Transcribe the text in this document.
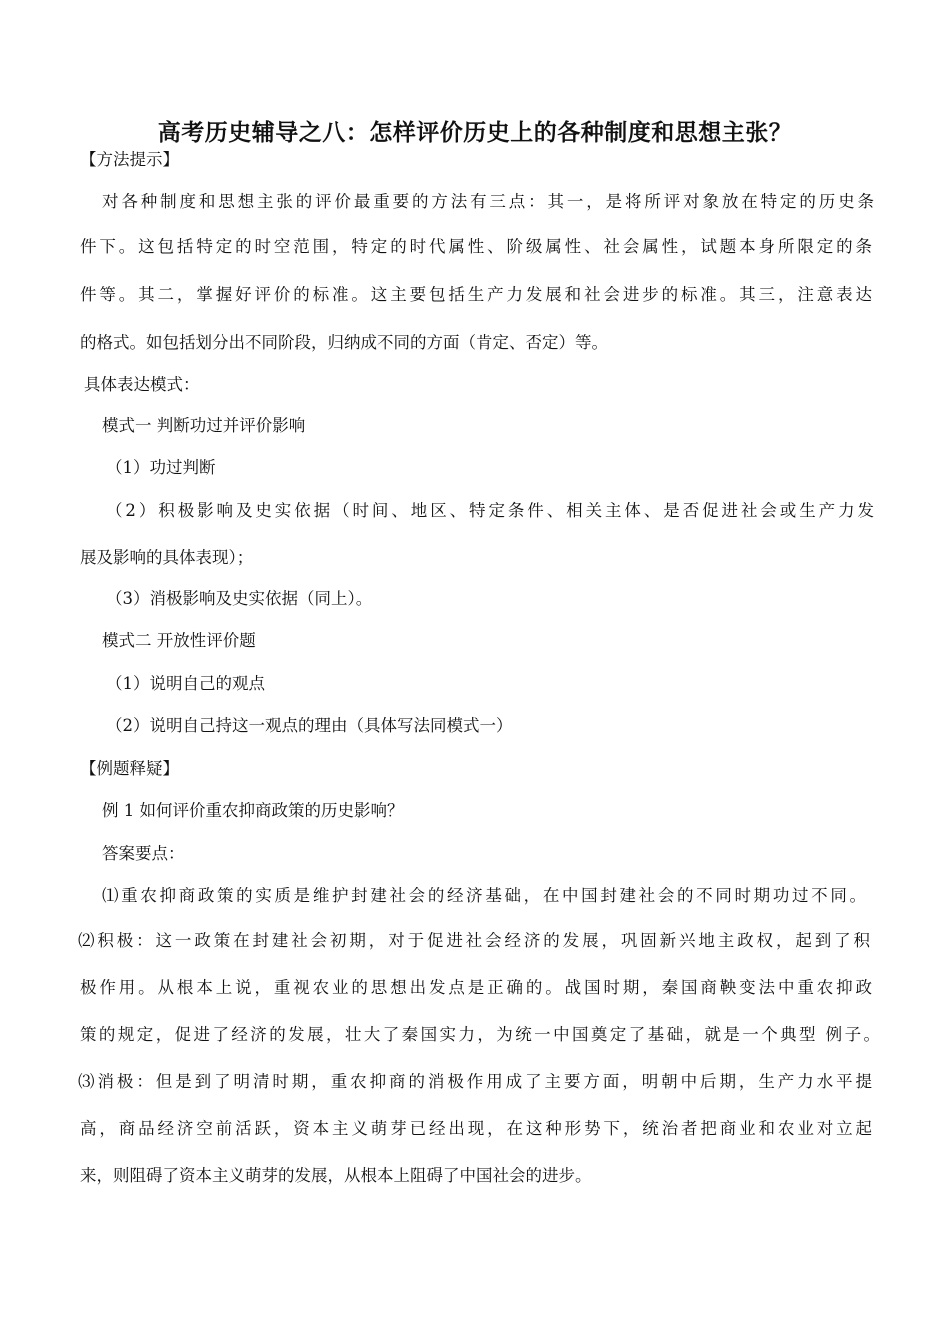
高考历史辅导之八：怎样评价历史上的各种制度和思想主张？
【方法提示】
对各种制度和思想主张的评价最重要的方法有三点：其一，是将所评对象放在特定的历史条
件下。这包括特定的时空范围，特定的时代属性、阶级属性、社会属性，试题本身所限定的条
件等。其二，掌握好评价的标准。这主要包括生产力发展和社会进步的标准。其三，注意表达
的格式。如包括划分出不同阶段，归纳成不同的方面（肯定、否定）等。
具体表达模式：
模式一 判断功过并评价影响
（1）功过判断
（2）积极影响及史实依据（时间、地区、特定条件、相关主体、是否促进社会或生产力发
展及影响的具体表现）；
（3）消极影响及史实依据（同上）。
模式二 开放性评价题
（1）说明自己的观点
（2）说明自己持这一观点的理由（具体写法同模式一）
【例题释疑】
例 1 如何评价重农抑商政策的历史影响？
答案要点：
⑴重农抑商政策的实质是维护封建社会的经济基础，在中国封建社会的不同时期功过不同。
⑵积极：这一政策在封建社会初期，对于促进社会经济的发展，巩固新兴地主政权，起到了积
极作用。从根本上说，重视农业的思想出发点是正确的。战国时期，秦国商鞅变法中重农抑政
策的规定，促进了经济的发展，壮大了秦国实力，为统一中国奠定了基础，就是一个典型 例子。
⑶消极：但是到了明清时期，重农抑商的消极作用成了主要方面，明朝中后期，生产力水平提
高，商品经济空前活跃，资本主义萌芽已经出现，在这种形势下，统治者把商业和农业对立起
来，则阻碍了资本主义萌芽的发展，从根本上阻碍了中国社会的进步。
